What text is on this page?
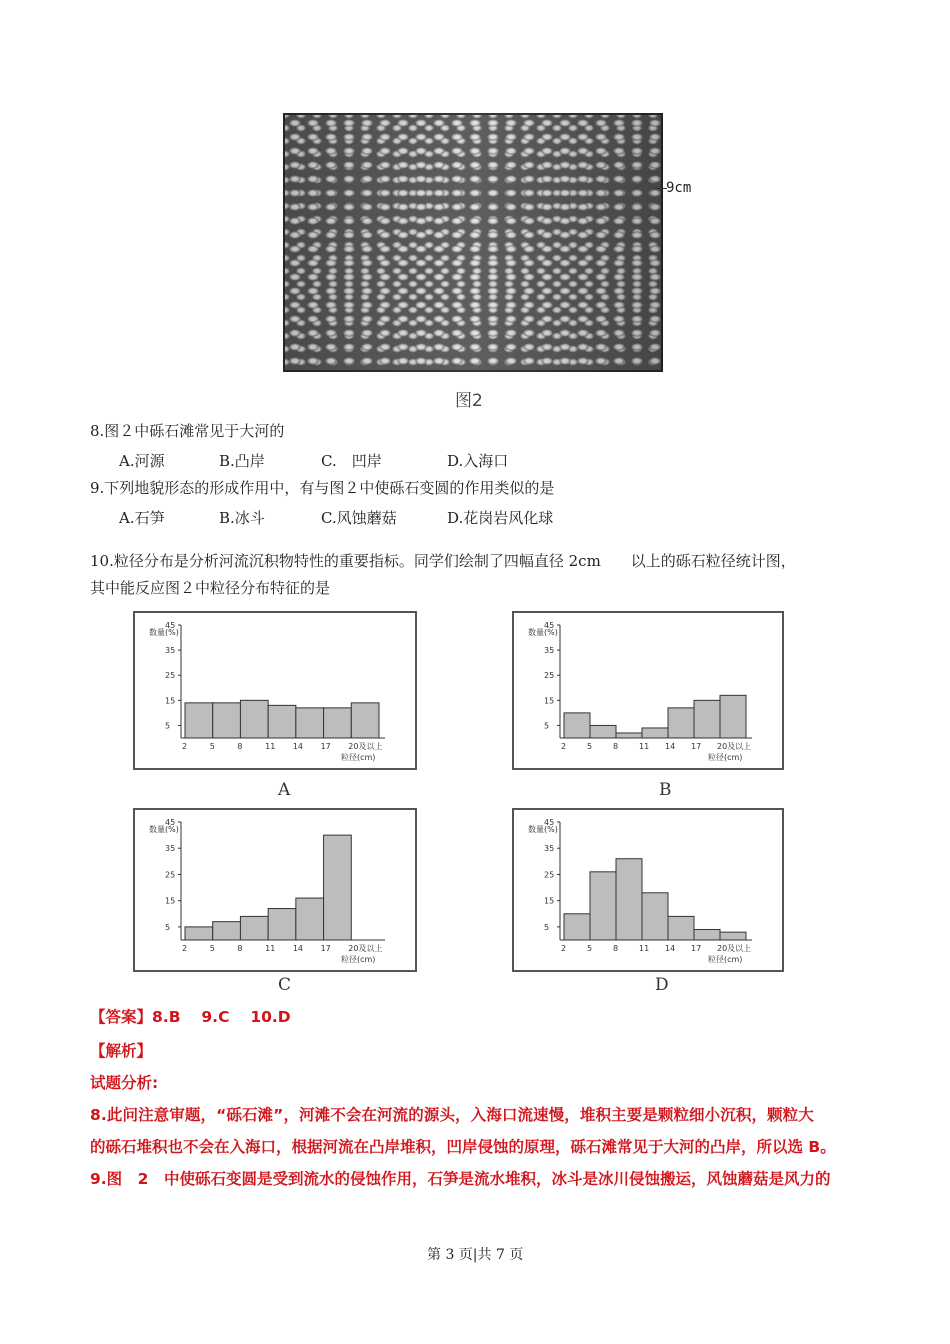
9cm
图2
8.图２中砾石滩常见于大河的
A.河源	B.凸岸	C.　凹岸	D.入海口
9.下列地貌形态的形成作用中，有与图２中使砾石变圆的作用类似的是
A.石笋	B.冰斗	C.风蚀蘑菇	D.花岗岩风化球
10.粒径分布是分析河流沉积物特性的重要指标。同学们绘制了四幅直径 2cm　　以上的砾石粒径统计图，
其中能反应图２中粒径分布特征的是
数量(%)
5
15
25
35
45
2	5	8	11 14 17 20及以上
粒径(cm)
A
数量(%)
5
15
25
35
45
2	5	8	11 14 17 20及以上
粒径(cm)
B
数量(%)
5
15
25
35
45
2	5	8	11 14 17 20及以上
粒径(cm)
C
数量(%)
5
15
25
35
45
2	5	8	11 14 17 20及以上
粒径(cm)
D
【答案】8.B　 9.C　 10.D
【解析】
试题分析:
8.此问注意审题，“砾石滩”，河滩不会在河流的源头，入海口流速慢，堆积主要是颗粒细小沉积，颗粒大
的砾石堆积也不会在入海口，根据河流在凸岸堆积，凹岸侵蚀的原理，砾石滩常见于大河的凸岸，所以选 B。
9.图　2　中使砾石变圆是受到流水的侵蚀作用，石笋是流水堆积，冰斗是冰川侵蚀搬运，风蚀蘑菇是风力的
第 3 页|共 7 页
